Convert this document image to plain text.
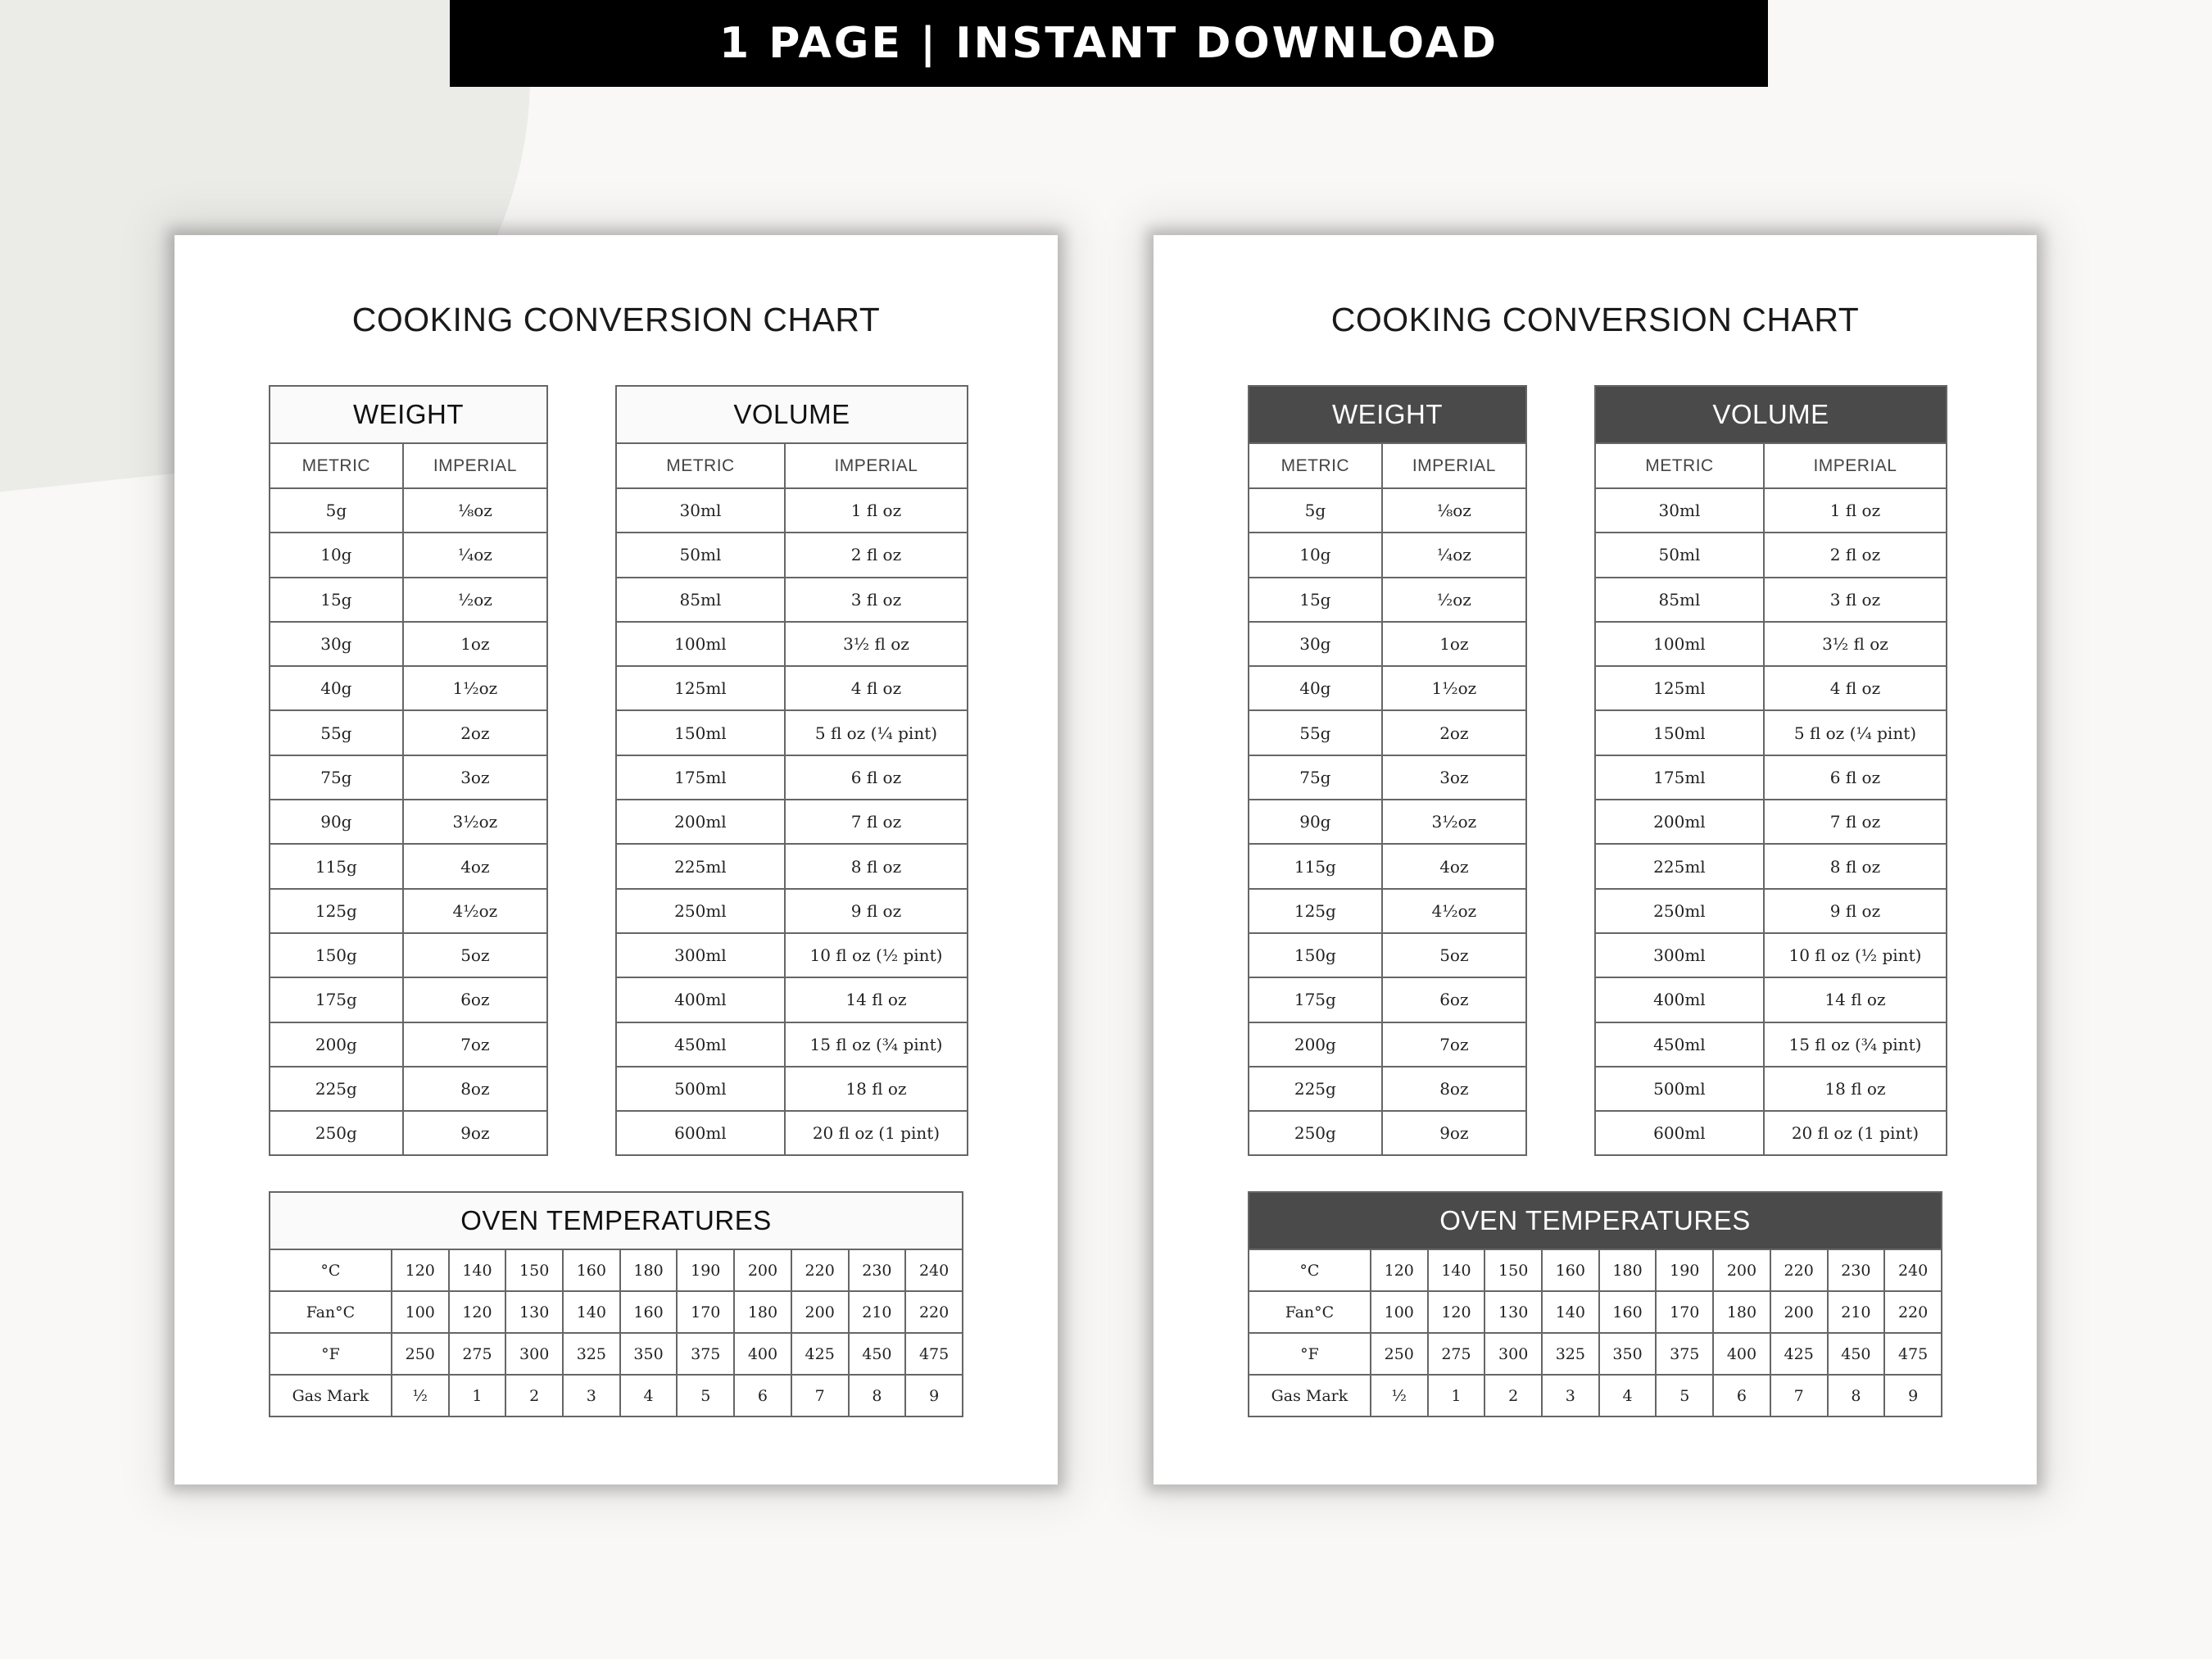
1 PAGE | INSTANT DOWNLOAD
COOKING CONVERSION CHART
WEIGHT	
METRIC	IMPERIAL
5g	⅛oz
10g	¼oz
15g	½oz
30g	1oz
40g	1½oz
55g	2oz
75g	3oz
90g	3½oz
115g	4oz
125g	4½oz
150g	5oz
175g	6oz
200g	7oz
225g	8oz
250g	9oz
VOLUME	
METRIC	IMPERIAL
30ml	1 fl oz
50ml	2 fl oz
85ml	3 fl oz
100ml	3½ fl oz
125ml	4 fl oz
150ml	5 fl oz (¼ pint)
175ml	6 fl oz
200ml	7 fl oz
225ml	8 fl oz
250ml	9 fl oz
300ml	10 fl oz (½ pint)
400ml	14 fl oz
450ml	15 fl oz (¾ pint)
500ml	18 fl oz
600ml	20 fl oz (1 pint)
OVEN TEMPERATURES										
°C	120	140	150	160	180	190	200	220	230	240
Fan°C	100	120	130	140	160	170	180	200	210	220
°F	250	275	300	325	350	375	400	425	450	475
Gas Mark	½	1	2	3	4	5	6	7	8	9
COOKING CONVERSION CHART
WEIGHT	
METRIC	IMPERIAL
5g	⅛oz
10g	¼oz
15g	½oz
30g	1oz
40g	1½oz
55g	2oz
75g	3oz
90g	3½oz
115g	4oz
125g	4½oz
150g	5oz
175g	6oz
200g	7oz
225g	8oz
250g	9oz
VOLUME	
METRIC	IMPERIAL
30ml	1 fl oz
50ml	2 fl oz
85ml	3 fl oz
100ml	3½ fl oz
125ml	4 fl oz
150ml	5 fl oz (¼ pint)
175ml	6 fl oz
200ml	7 fl oz
225ml	8 fl oz
250ml	9 fl oz
300ml	10 fl oz (½ pint)
400ml	14 fl oz
450ml	15 fl oz (¾ pint)
500ml	18 fl oz
600ml	20 fl oz (1 pint)
OVEN TEMPERATURES										
°C	120	140	150	160	180	190	200	220	230	240
Fan°C	100	120	130	140	160	170	180	200	210	220
°F	250	275	300	325	350	375	400	425	450	475
Gas Mark	½	1	2	3	4	5	6	7	8	9
